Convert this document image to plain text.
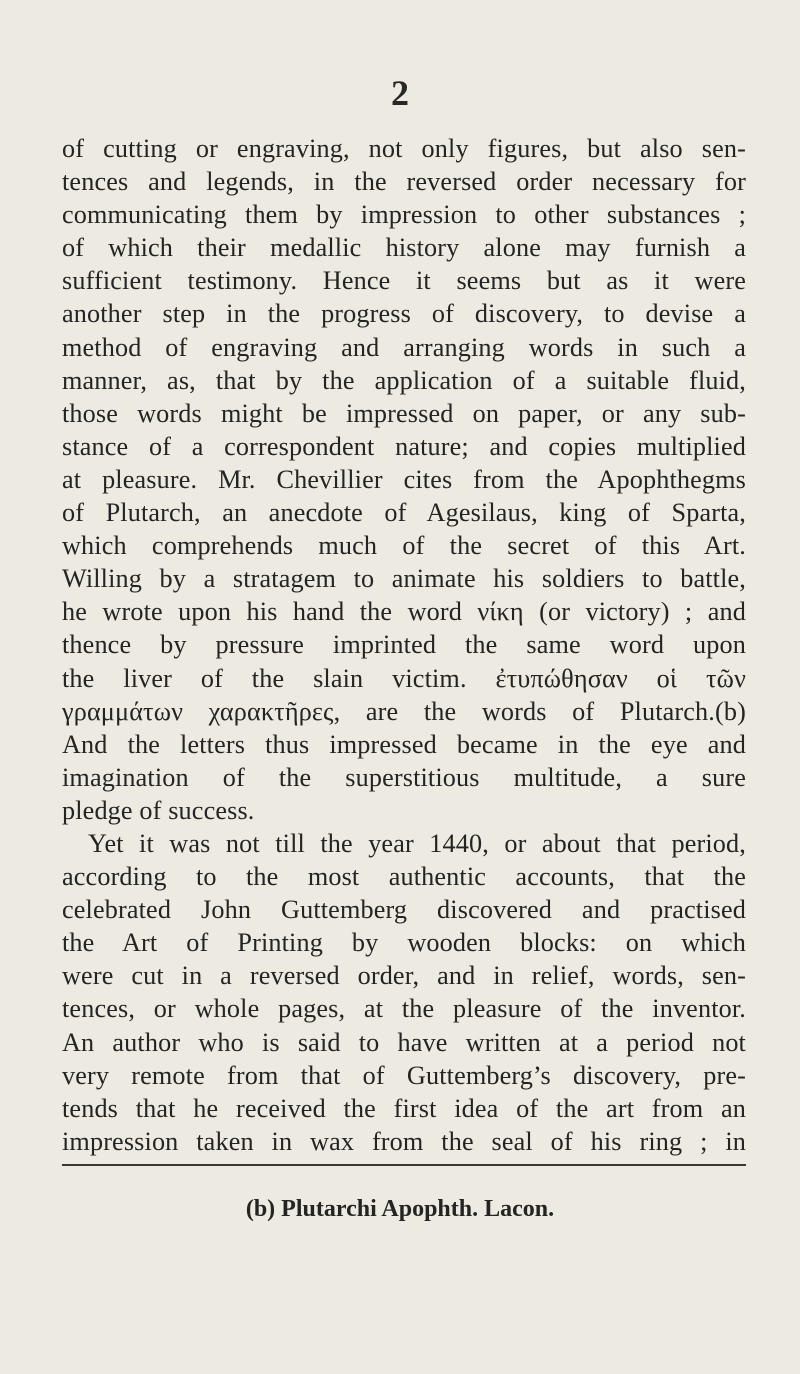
2
of cutting or engraving, not only figures, but also sen-
tences and legends, in the reversed order necessary for
communicating them by impression to other substances ;
of which their medallic history alone may furnish a
sufficient testimony. Hence it seems but as it were
another step in the progress of discovery, to devise a
method of engraving and arranging words in such a
manner, as, that by the application of a suitable fluid,
those words might be impressed on paper, or any sub-
stance of a correspondent nature; and copies multiplied
at pleasure. Mr. Chevillier cites from the Apophthegms
of Plutarch, an anecdote of Agesilaus, king of Sparta,
which comprehends much of the secret of this Art.
Willing by a stratagem to animate his soldiers to battle,
he wrote upon his hand the word νίκη (or victory) ; and
thence by pressure imprinted the same word upon
the liver of the slain victim. ἐτυπώθησαν οἱ τῶν
γραμμάτων χαρακτῆρες, are the words of Plutarch.(b)
And the letters thus impressed became in the eye and
imagination of the superstitious multitude, a sure
pledge of success.
Yet it was not till the year 1440, or about that period,
according to the most authentic accounts, that the
celebrated John Guttemberg discovered and practised
the Art of Printing by wooden blocks: on which
were cut in a reversed order, and in relief, words, sen-
tences, or whole pages, at the pleasure of the inventor.
An author who is said to have written at a period not
very remote from that of Guttemberg’s discovery, pre-
tends that he received the first idea of the art from an
impression taken in wax from the seal of his ring ; in
(b) Plutarchi Apophth. Lacon.
